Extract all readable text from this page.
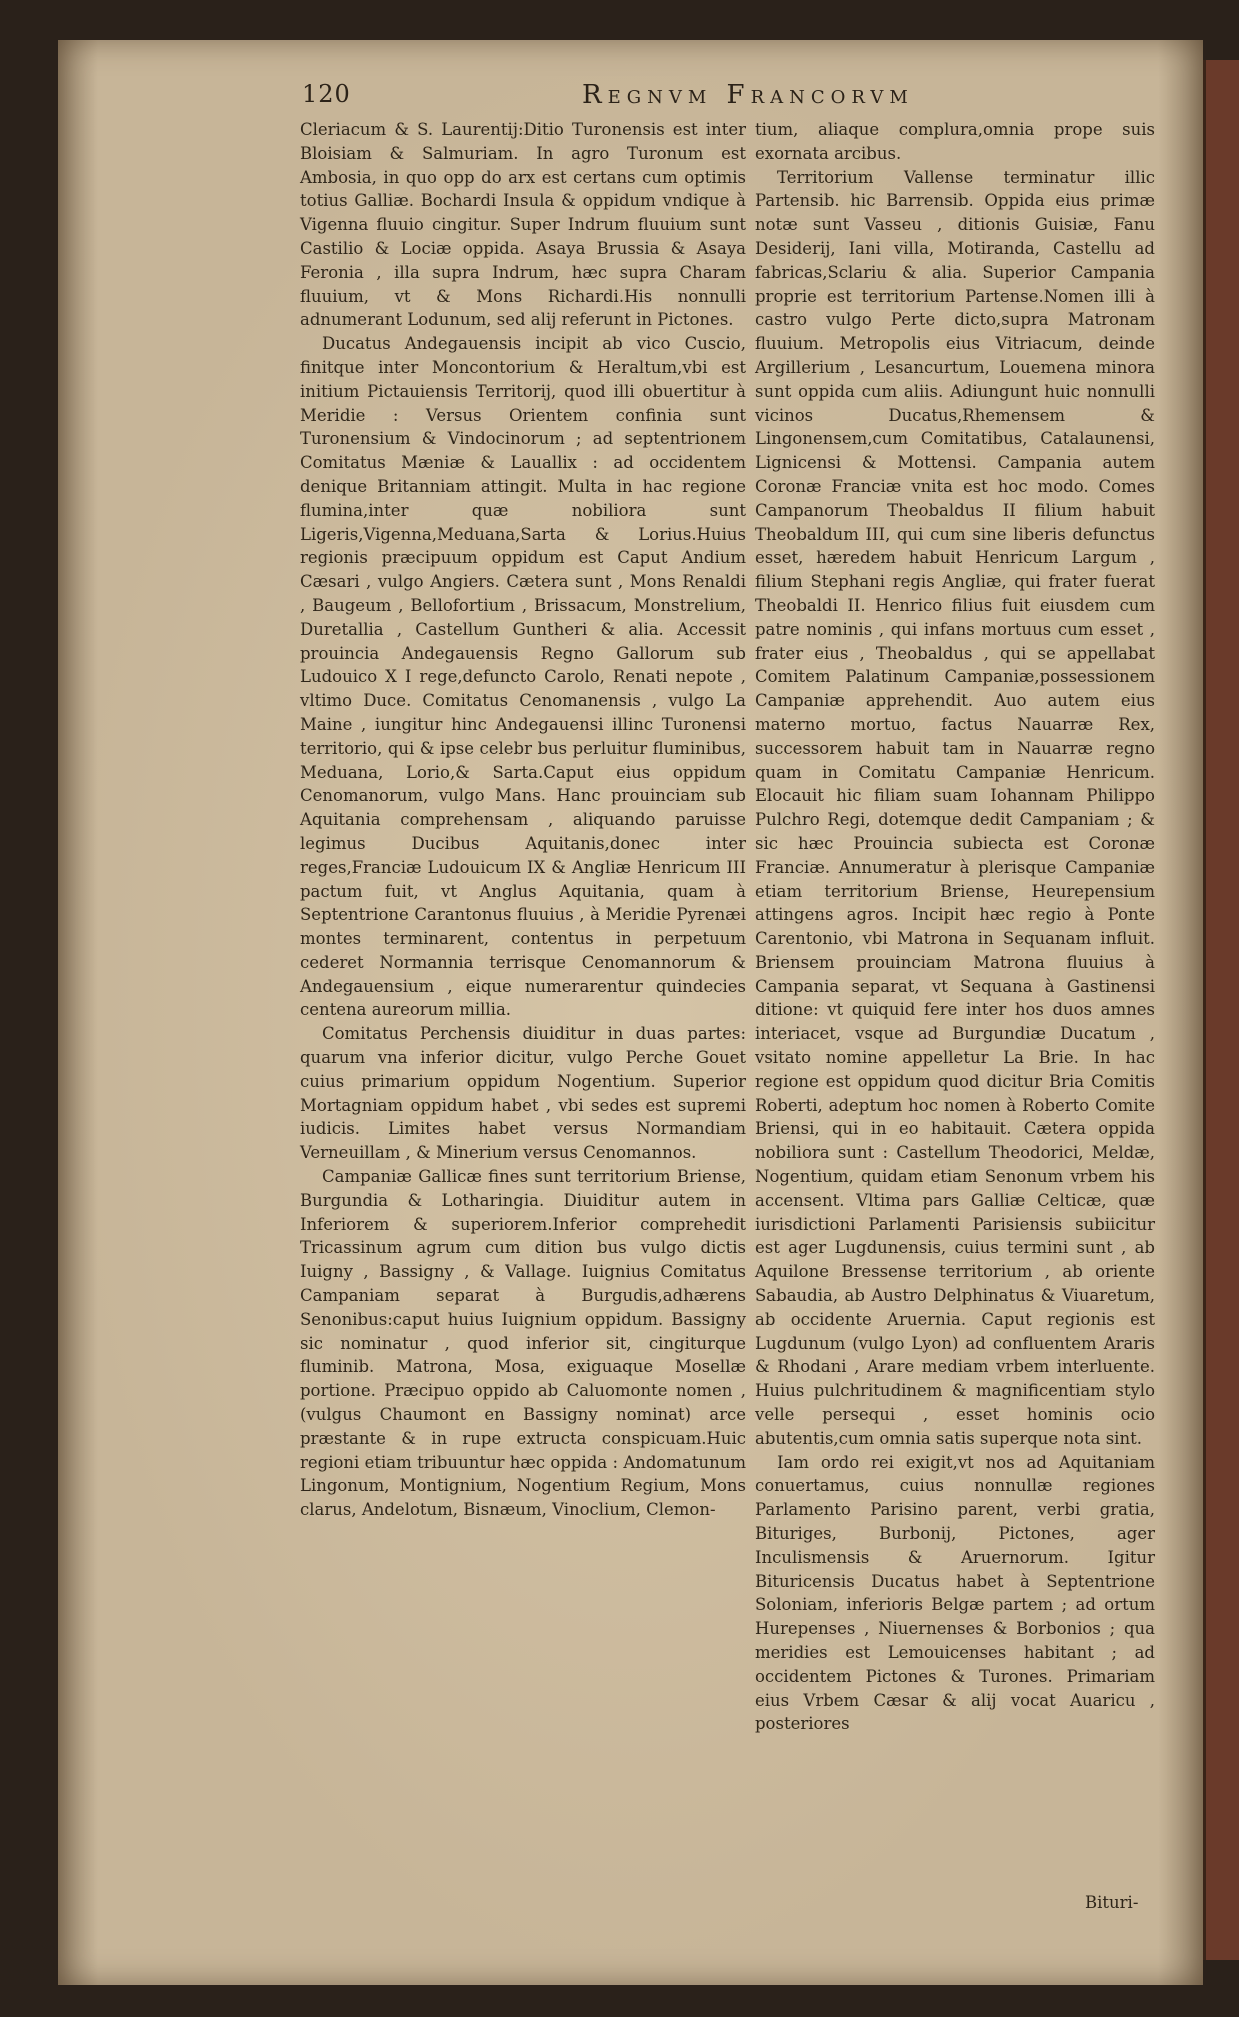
120	Regnvm Francorvm

Cleriacum & S. Laurentij:Ditio Turonensis est inter Bloisiam & Salmuriam. In agro Turonum est Ambosia, in quo opp do arx est certans cum optimis totius Galliæ. Bochardi Insula & oppidum vndique à Vigenna fluuio cingitur. Super Indrum fluuium sunt Castilio & Lociæ oppida. Asaya Brussia & Asaya Feronia , illa supra Indrum, hæc supra Charam fluuium, vt & Mons Richardi.His nonnulli adnumerant Lodunum, sed alij referunt in Pictones.

Ducatus Andegauensis incipit ab vico Cuscio, finitque inter Moncontorium & Heraltum,vbi est initium Pictauiensis Territorij, quod illi obuertitur à Meridie : Versus Orientem confinia sunt Turonensium & Vindocinorum ; ad septentrionem Comitatus Mæniæ & Lauallix : ad occidentem denique Britanniam attingit. Multa in hac regione flumina,inter quæ nobiliora sunt Ligeris,Vigenna,Meduana,Sarta & Lorius.Huius regionis præcipuum oppidum est Caput Andium Cæsari , vulgo Angiers. Cætera sunt , Mons Renaldi , Baugeum , Bellofortium , Brissacum, Monstrelium, Duretallia , Castellum Guntheri & alia. Accessit prouincia Andegauensis Regno Gallorum sub Ludouico X I rege,defuncto Carolo, Renati nepote , vltimo Duce. Comitatus Cenomanensis , vulgo La Maine , iungitur hinc Andegauensi illinc Turonensi territorio, qui & ipse celebr bus perluitur fluminibus, Meduana, Lorio,& Sarta.Caput eius oppidum Cenomanorum, vulgo Mans. Hanc prouinciam sub Aquitania comprehensam , aliquando paruisse legimus Ducibus Aquitanis,donec inter reges,Franciæ Ludouicum IX & Angliæ Henricum III pactum fuit, vt Anglus Aquitania, quam à Septentrione Carantonus fluuius , à Meridie Pyrenæi montes terminarent, contentus in perpetuum cederet Normannia terrisque Cenomannorum & Andegauensium , eique numerarentur quindecies centena aureorum millia.

Comitatus Perchensis diuiditur in duas partes: quarum vna inferior dicitur, vulgo Perche Gouet cuius primarium oppidum Nogentium. Superior Mortagniam oppidum habet , vbi sedes est supremi iudicis. Limites habet versus Normandiam Verneuillam , & Minerium versus Cenomannos.

Campaniæ Gallicæ fines sunt territorium Briense, Burgundia & Lotharingia. Diuiditur autem in Inferiorem & superiorem.Inferior comprehedit Tricassinum agrum cum dition bus vulgo dictis Iuigny , Bassigny , & Vallage. Iuignius Comitatus Campaniam separat à Burgudis,adhærens Senonibus:caput huius Iuignium oppidum. Bassigny sic nominatur , quod inferior sit, cingiturque fluminib. Matrona, Mosa, exiguaque Mosellæ portione. Præcipuo oppido ab Caluomonte nomen , (vulgus Chaumont en Bassigny nominat) arce præstante & in rupe extructa conspicuam.Huic regioni etiam tribuuntur hæc oppida : Andomatunum Lingonum, Montignium, Nogentium Regium, Mons clarus, Andelotum, Bisnæum, Vinoclium, Clemon-

tium, aliaque complura,omnia prope suis exornata arcibus.

Territorium Vallense terminatur illic Partensib. hic Barrensib. Oppida eius primæ notæ sunt Vasseu , ditionis Guisiæ, Fanu Desiderij, Iani villa, Motiranda, Castellu ad fabricas,Sclariu & alia. Superior Campania proprie est territorium Partense.Nomen illi à castro vulgo Perte dicto,supra Matronam fluuium. Metropolis eius Vitriacum, deinde Argillerium , Lesancurtum, Louemena minora sunt oppida cum aliis. Adiungunt huic nonnulli vicinos Ducatus,Rhemensem & Lingonensem,cum Comitatibus, Catalaunensi, Lignicensi & Mottensi. Campania autem Coronæ Franciæ vnita est hoc modo. Comes Campanorum Theobaldus II filium habuit Theobaldum III, qui cum sine liberis defunctus esset, hæredem habuit Henricum Largum , filium Stephani regis Angliæ, qui frater fuerat Theobaldi II. Henrico filius fuit eiusdem cum patre nominis , qui infans mortuus cum esset , frater eius , Theobaldus , qui se appellabat Comitem Palatinum Campaniæ,possessionem Campaniæ apprehendit. Auo autem eius materno mortuo, factus Nauarræ Rex, successorem habuit tam in Nauarræ regno quam in Comitatu Campaniæ Henricum. Elocauit hic filiam suam Iohannam Philippo Pulchro Regi, dotemque dedit Campaniam ; & sic hæc Prouincia subiecta est Coronæ Franciæ. Annumeratur à plerisque Campaniæ etiam territorium Briense, Heurepensium attingens agros. Incipit hæc regio à Ponte Carentonio, vbi Matrona in Sequanam influit. Briensem prouinciam Matrona fluuius à Campania separat, vt Sequana à Gastinensi ditione: vt quiquid fere inter hos duos amnes interiacet, vsque ad Burgundiæ Ducatum , vsitato nomine appelletur La Brie. In hac regione est oppidum quod dicitur Bria Comitis Roberti, adeptum hoc nomen à Roberto Comite Briensi, qui in eo habitauit. Cætera oppida nobiliora sunt : Castellum Theodorici, Meldæ, Nogentium, quidam etiam Senonum vrbem his accensent. Vltima pars Galliæ Celticæ, quæ iurisdictioni Parlamenti Parisiensis subiicitur est ager Lugdunensis, cuius termini sunt , ab Aquilone Bressense territorium , ab oriente Sabaudia, ab Austro Delphinatus & Viuaretum, ab occidente Aruernia. Caput regionis est Lugdunum (vulgo Lyon) ad confluentem Araris & Rhodani , Arare mediam vrbem interluente. Huius pulchritudinem & magnificentiam stylo velle persequi , esset hominis ocio abutentis,cum omnia satis superque nota sint.

Iam ordo rei exigit,vt nos ad Aquitaniam conuertamus, cuius nonnullæ regiones Parlamento Parisino parent, verbi gratia, Bituriges, Burbonij, Pictones, ager Inculismensis & Aruernorum. Igitur Bituricensis Ducatus habet à Septentrione Soloniam, inferioris Belgæ partem ; ad ortum Hurepenses , Niuernenses & Borbonios ; qua meridies est Lemouicenses habitant ; ad occidentem Pictones & Turones. Primariam eius Vrbem Cæsar & alij vocat Auaricu , posteriores

Bituri-
